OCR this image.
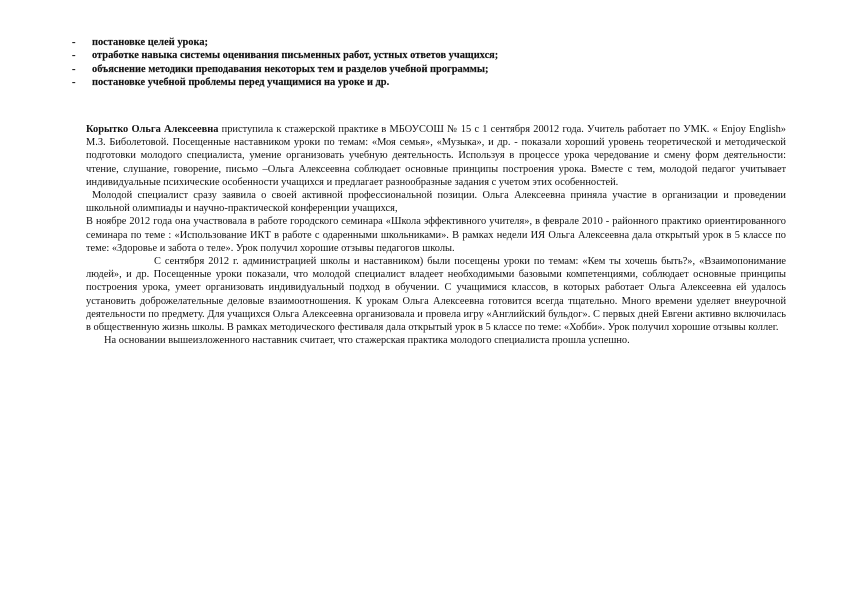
- постановке целей урока;
- отработке навыка системы оценивания письменных работ, устных ответов учащихся;
- объяснение методики преподавания некоторых тем и разделов учебной программы;
- постановке учебной проблемы перед учащимися на уроке и др.

Корытко Ольга Алексеевна приступила к стажерской практике в МБОУСОШ № 15 с 1 сентября 20012 года. Учитель работает по УМК. « Enjoy English» М.З. Биболетовой. Посещенные наставником уроки по темам: «Моя семья», «Музыка», и др. - показали хороший уровень теоретической и методической подготовки молодого специалиста, умение организовать учебную деятельность. Используя в процессе урока чередование и смену форм деятельности: чтение, слушание, говорение, письмо –Ольга Алексеевна соблюдает основные принципы построения урока. Вместе с тем, молодой педагог учитывает индивидуальные психические особенности учащихся и предлагает разнообразные задания с учетом этих особенностей.

Молодой специалист сразу заявила о своей активной профессиональной позиции. Ольга Алексеевна приняла участие в организации и проведении школьной олимпиады и научно-практической конференции учащихся,

В ноябре 2012 года она участвовала в работе городского семинара «Школа эффективного учителя», в феврале 2010 - районного практико ориентированного семинара по теме : «Использование ИКТ в работе с одаренными школьниками». В рамках недели ИЯ Ольга Алексеевна дала открытый урок в 5 классе по теме: «Здоровье и забота о теле». Урок получил хорошие отзывы педагогов школы.

С сентября 2012 г. администрацией школы и наставником) были посещены уроки по темам: «Кем ты хочешь быть?», «Взаимопонимание людей», и др. Посещенные уроки показали, что молодой специалист владеет необходимыми базовыми компетенциями, соблюдает основные принципы построения урока, умеет организовать индивидуальный подход в обучении. С учащимися классов, в которых работает Ольга Алексеевна ей удалось установить доброжелательные деловые взаимоотношения. К урокам Ольга Алексеевна готовится всегда тщательно. Много времени уделяет внеурочной деятельности по предмету. Для учащихся Ольга Алексеевна организовала и провела игру «Английский бульдог». С первых дней Евгени активно включилась в общественную жизнь школы. В рамках методического фестиваля дала открытый урок в 5 классе по теме: «Хобби». Урок получил хорошие отзывы коллег.

На основании вышеизложенного наставник считает, что стажерская практика молодого специалиста прошла успешно.
